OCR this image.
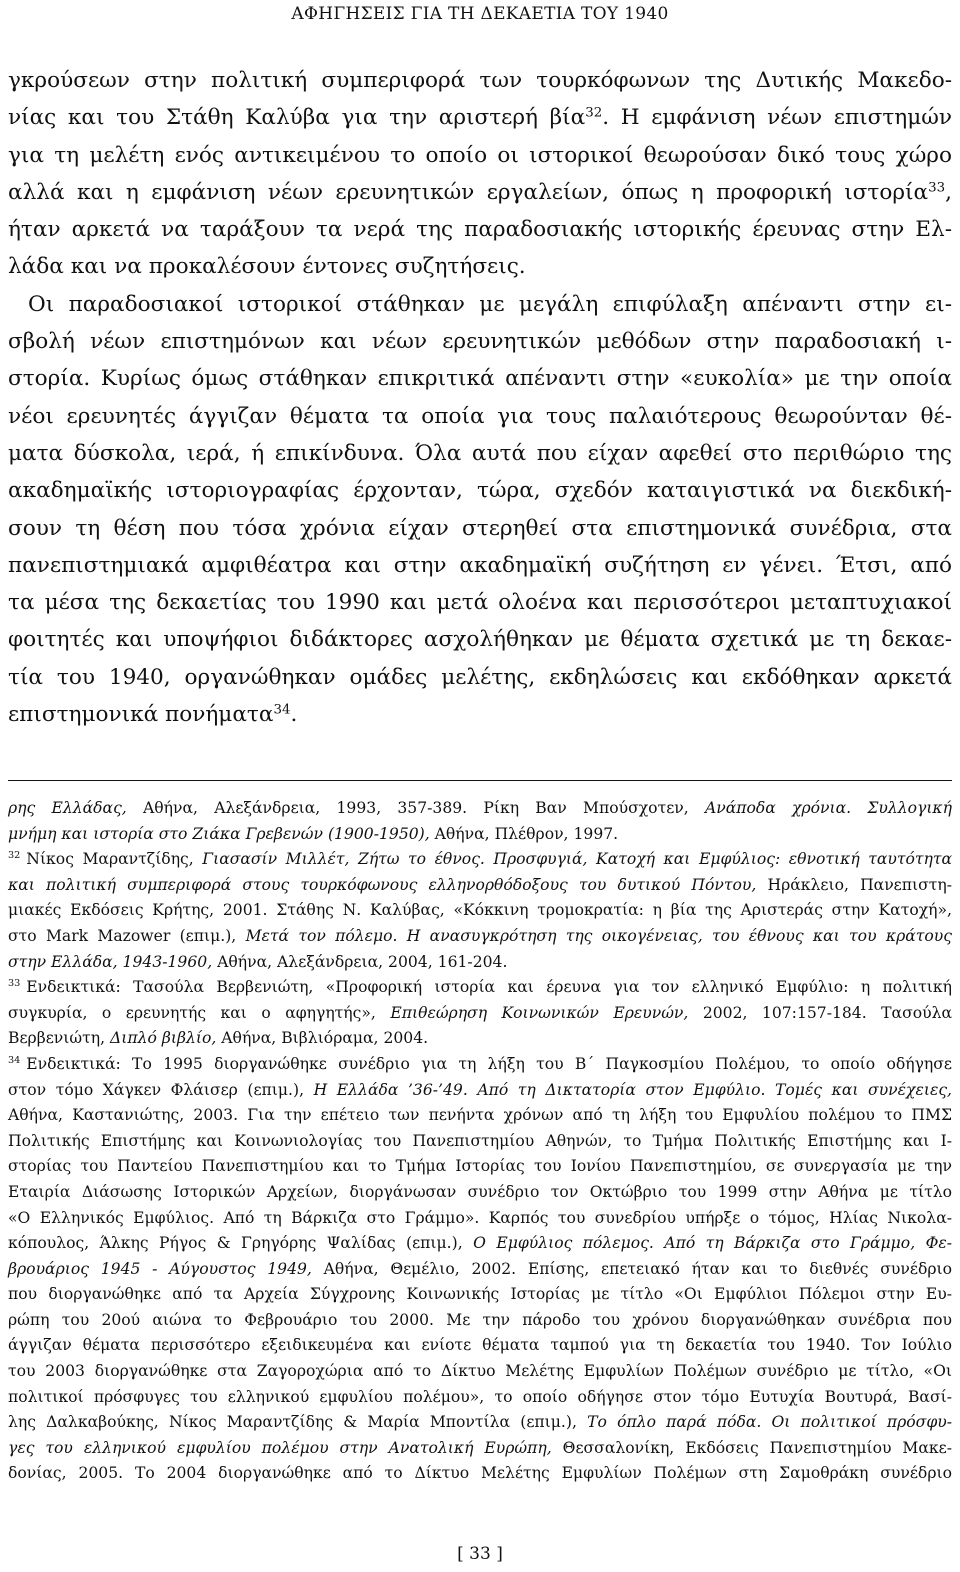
ΑΦΗΓΗΣΕΙΣ ΓΙΑ ΤΗ ΔΕΚΑΕΤΙΑ ΤΟΥ 1940
γκρούσεων στην πολιτική συμπεριφορά των τουρκόφωνων της Δυτικής Μακεδο-
νίας και του Στάθη Καλύβα για την αριστερή βία$^{32}$. Η εμφάνιση νέων επιστημών
για τη μελέτη ενός αντικειμένου το οποίο οι ιστορικοί θεωρούσαν δικό τους χώρο
αλλά και η εμφάνιση νέων ερευνητικών εργαλείων, όπως η προφορική ιστορία$^{33}$,
ήταν αρκετά να ταράξουν τα νερά της παραδοσιακής ιστορικής έρευνας στην Ελ-
λάδα και να προκαλέσουν έντονες συζητήσεις.
Οι παραδοσιακοί ιστορικοί στάθηκαν με μεγάλη επιφύλαξη απέναντι στην ει-
σβολή νέων επιστημόνων και νέων ερευνητικών μεθόδων στην παραδοσιακή ι-
στορία. Κυρίως όμως στάθηκαν επικριτικά απέναντι στην «ευκολία» με την οποία
νέοι ερευνητές άγγιζαν θέματα τα οποία για τους παλαιότερους θεωρούνταν θέ-
ματα δύσκολα, ιερά, ή επικίνδυνα. Όλα αυτά που είχαν αφεθεί στο περιθώριο της
ακαδημαϊκής ιστοριογραφίας έρχονταν, τώρα, σχεδόν καταιγιστικά να διεκδική-
σουν τη θέση που τόσα χρόνια είχαν στερηθεί στα επιστημονικά συνέδρια, στα
πανεπιστημιακά αμφιθέατρα και στην ακαδημαϊκή συζήτηση εν γένει. Έτσι, από
τα μέσα της δεκαετίας του 1990 και μετά ολοένα και περισσότεροι μεταπτυχιακοί
φοιτητές και υποψήφιοι διδάκτορες ασχολήθηκαν με θέματα σχετικά με τη δεκαε-
τία του 1940, οργανώθηκαν ομάδες μελέτης, εκδηλώσεις και εκδόθηκαν αρκετά
επιστημονικά πονήματα$^{34}$.
ρης Ελλάδας, Αθήνα, Αλεξάνδρεια, 1993, 357-389. Ρίκη Βαν Μπούσχοτεν, Ανάποδα χρόνια. Συλλογική
μνήμη και ιστορία στο Ζιάκα Γρεβενών (1900-1950), Αθήνα, Πλέθρον, 1997.
$^{32}$ Νίκος Μαραντζίδης, Γιασασίν Μιλλέτ, Ζήτω το έθνος. Προσφυγιά, Κατοχή και Εμφύλιος: εθνοτική ταυτότητα
και πολιτική συμπεριφορά στους τουρκόφωνους ελληνορθόδοξους του δυτικού Πόντου, Ηράκλειο, Πανεπιστη-
μιακές Εκδόσεις Κρήτης, 2001. Στάθης Ν. Καλύβας, «Κόκκινη τρομοκρατία: η βία της Αριστεράς στην Κατοχή»,
στο Mark Mazower (επιμ.), Μετά τον πόλεμο. Η ανασυγκρότηση της οικογένειας, του έθνους και του κράτους
στην Ελλάδα, 1943-1960, Αθήνα, Αλεξάνδρεια, 2004, 161-204.
$^{33}$ Ενδεικτικά: Τασούλα Βερβενιώτη, «Προφορική ιστορία και έρευνα για τον ελληνικό Εμφύλιο: η πολιτική
συγκυρία, ο ερευνητής και ο αφηγητής», Επιθεώρηση Κοινωνικών Ερευνών, 2002, 107:157-184. Τασούλα
Βερβενιώτη, Διπλό βιβλίο, Αθήνα, Βιβλιόραμα, 2004.
$^{34}$ Ενδεικτικά: Το 1995 διοργανώθηκε συνέδριο για τη λήξη του Β΄ Παγκοσμίου Πολέμου, το οποίο οδήγησε
στον τόμο Χάγκεν Φλάισερ (επιμ.), Η Ελλάδα ’36-’49. Από τη Δικτατορία στον Εμφύλιο. Τομές και συνέχειες,
Αθήνα, Καστανιώτης, 2003. Για την επέτειο των πενήντα χρόνων από τη λήξη του Εμφυλίου πολέμου το ΠΜΣ
Πολιτικής Επιστήμης και Κοινωνιολογίας του Πανεπιστημίου Αθηνών, το Τμήμα Πολιτικής Επιστήμης και Ι-
στορίας του Παντείου Πανεπιστημίου και το Τμήμα Ιστορίας του Ιονίου Πανεπιστημίου, σε συνεργασία με την
Εταιρία Διάσωσης Ιστορικών Αρχείων, διοργάνωσαν συνέδριο τον Οκτώβριο του 1999 στην Αθήνα με τίτλο
«Ο Ελληνικός Εμφύλιος. Από τη Βάρκιζα στο Γράμμο». Καρπός του συνεδρίου υπήρξε ο τόμος, Ηλίας Νικολα-
κόπουλος, Άλκης Ρήγος & Γρηγόρης Ψαλίδας (επιμ.), Ο Εμφύλιος πόλεμος. Από τη Βάρκιζα στο Γράμμο, Φε-
βρουάριος 1945 - Αύγουστος 1949, Αθήνα, Θεμέλιο, 2002. Επίσης, επετειακό ήταν και το διεθνές συνέδριο
που διοργανώθηκε από τα Αρχεία Σύγχρονης Κοινωνικής Ιστορίας με τίτλο «Οι Εμφύλιοι Πόλεμοι στην Ευ-
ρώπη του 20ού αιώνα το Φεβρουάριο του 2000. Με την πάροδο του χρόνου διοργανώθηκαν συνέδρια που
άγγιζαν θέματα περισσότερο εξειδικευμένα και ενίοτε θέματα ταμπού για τη δεκαετία του 1940. Τον Ιούλιο
του 2003 διοργανώθηκε στα Ζαγοροχώρια από το Δίκτυο Μελέτης Εμφυλίων Πολέμων συνέδριο με τίτλο, «Οι
πολιτικοί πρόσφυγες του ελληνικού εμφυλίου πολέμου», το οποίο οδήγησε στον τόμο Ευτυχία Βουτυρά, Βασί-
λης Δαλκαβούκης, Νίκος Μαραντζίδης & Μαρία Μποντίλα (επιμ.), Το όπλο παρά πόδα. Οι πολιτικοί πρόσφυ-
γες του ελληνικού εμφυλίου πολέμου στην Ανατολική Ευρώπη, Θεσσαλονίκη, Εκδόσεις Πανεπιστημίου Μακε-
δονίας, 2005. Το 2004 διοργανώθηκε από το Δίκτυο Μελέτης Εμφυλίων Πολέμων στη Σαμοθράκη συνέδριο
[ 33 ]
